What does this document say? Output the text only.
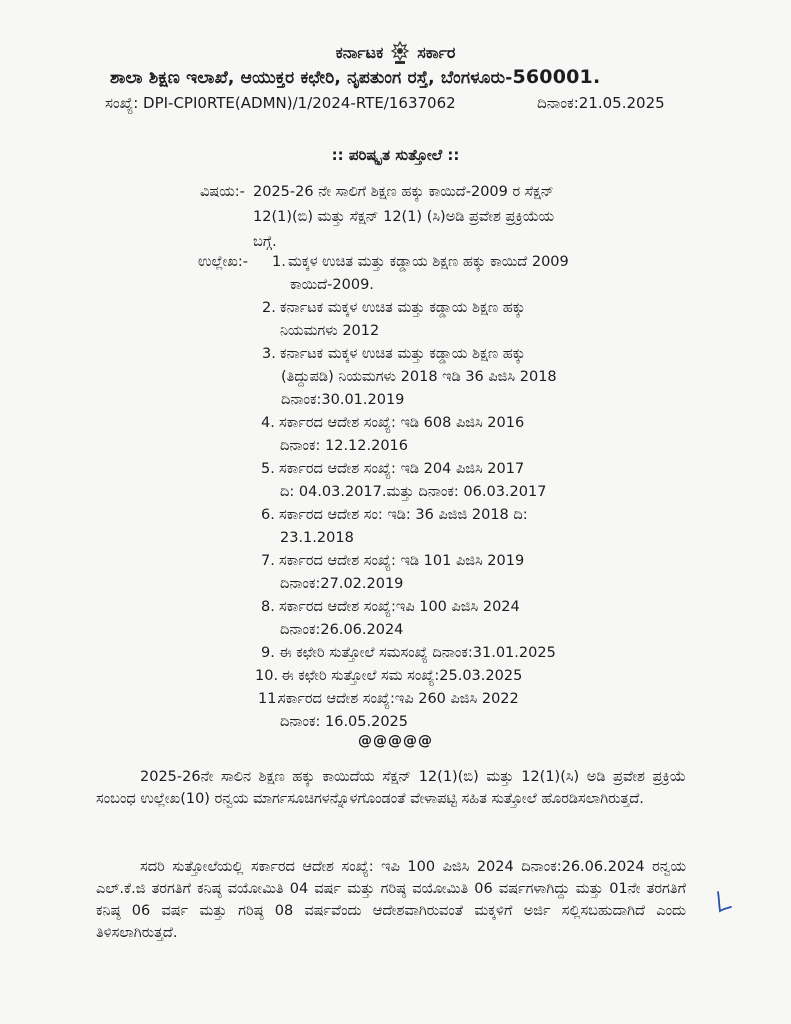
ಕರ್ನಾಟಕ ಸರ್ಕಾರ
ಶಾಲಾ ಶಿಕ್ಷಣ ಇಲಾಖೆ, ಆಯುಕ್ತರ ಕಛೇರಿ, ನೃಪತುಂಗ ರಸ್ತೆ, ಬೆಂಗಳೂರು-560001.
ಸಂಖ್ಯೆ: DPI-CPI0RTE(ADMN)/1/2024-RTE/1637062	ದಿನಾಂಕ:21.05.2025
:: ಪರಿಷ್ಕೃತ ಸುತ್ತೋಲೆ ::
ವಿಷಯ:- 2025-26 ನೇ ಸಾಲಿಗೆ ಶಿಕ್ಷಣ ಹಕ್ಕು ಕಾಯಿದೆ-2009 ರ ಸೆಕ್ಷನ್
12(1)(ಬಿ) ಮತ್ತು ಸೆಕ್ಷನ್ 12(1) (ಸಿ)ಅಡಿ ಪ್ರವೇಶ ಪ್ರಕ್ರಿಯೆಯ
ಬಗ್ಗೆ.
ಉಲ್ಲೇಖ:- 1. ಮಕ್ಕಳ ಉಚಿತ ಮತ್ತು ಕಡ್ಡಾಯ ಶಿಕ್ಷಣ ಹಕ್ಕು ಕಾಯಿದೆ 2009
ಕಾಯಿದೆ-2009.
2. ಕರ್ನಾಟಕ ಮಕ್ಕಳ ಉಚಿತ ಮತ್ತು ಕಡ್ಡಾಯ ಶಿಕ್ಷಣ ಹಕ್ಕು
ನಿಯಮಗಳು 2012
3. ಕರ್ನಾಟಕ ಮಕ್ಕಳ ಉಚಿತ ಮತ್ತು ಕಡ್ಡಾಯ ಶಿಕ್ಷಣ ಹಕ್ಕು
(ತಿದ್ದುಪಡಿ) ನಿಯಮಗಳು 2018 ಇಡಿ 36 ಪಿಜಿಸಿ 2018
ದಿನಾಂಕ:30.01.2019
4. ಸರ್ಕಾರದ ಆದೇಶ ಸಂಖ್ಯೆ: ಇಡಿ 608 ಪಿಜಿಸಿ 2016
ದಿನಾಂಕ: 12.12.2016
5. ಸರ್ಕಾರದ ಆದೇಶ ಸಂಖ್ಯೆ: ಇಡಿ 204 ಪಿಜಿಸಿ 2017
ದಿ: 04.03.2017.ಮತ್ತು ದಿನಾಂಕ: 06.03.2017
6. ಸರ್ಕಾರದ ಆದೇಶ ಸಂ: ಇಡಿ: 36 ಪಿಜಿಜಿ 2018 ದಿ:
23.1.2018
7. ಸರ್ಕಾರದ ಆದೇಶ ಸಂಖ್ಯೆ: ಇಡಿ 101 ಪಿಜಿಸಿ 2019
ದಿನಾಂಕ:27.02.2019
8. ಸರ್ಕಾರದ ಆದೇಶ ಸಂಖ್ಯೆ:ಇಪಿ 100 ಪಿಜಿಸಿ 2024
ದಿನಾಂಕ:26.06.2024
9. ಈ ಕಛೇರಿ ಸುತ್ತೋಲೆ ಸಮಸಂಖ್ಯೆ ದಿನಾಂಕ:31.01.2025
10. ಈ ಕಛೇರಿ ಸುತ್ತೋಲೆ ಸಮ ಸಂಖ್ಯೆ:25.03.2025
11.
ಸರ್ಕಾರದ ಆದೇಶ ಸಂಖ್ಯೆ:ಇಪಿ 260 ಪಿಜಿಸಿ 2022
ದಿನಾಂಕ: 16.05.2025
@@@@@
2025-26ನೇ ಸಾಲಿನ ಶಿಕ್ಷಣ ಹಕ್ಕು ಕಾಯಿದೆಯ ಸೆಕ್ಷನ್ 12(1)(ಬಿ) ಮತ್ತು 12(1)(ಸಿ) ಅಡಿ ಪ್ರವೇಶ ಪ್ರಕ್ರಿಯೆ ಸಂಬಂಧ ಉಲ್ಲೇಖ(10) ರನ್ವಯ ಮಾರ್ಗಸೂಚಿಗಳನ್ನೊಳಗೊಂಡಂತೆ ವೇಳಾಪಟ್ಟಿ ಸಹಿತ ಸುತ್ತೋಲೆ ಹೊರಡಿಸಲಾಗಿರುತ್ತದೆ.
ಸದರಿ ಸುತ್ತೋಲೆಯಲ್ಲಿ ಸರ್ಕಾರದ ಆದೇಶ ಸಂಖ್ಯೆ: ಇಪಿ 100 ಪಿಜಿಸಿ 2024 ದಿನಾಂಕ:26.06.2024 ರನ್ವಯ ಎಲ್.ಕೆ.ಜಿ ತರಗತಿಗೆ ಕನಿಷ್ಠ ವಯೋಮಿತಿ 04 ವರ್ಷ ಮತ್ತು ಗರಿಷ್ಠ ವಯೋಮಿತಿ 06 ವರ್ಷಗಳಾಗಿದ್ದು ಮತ್ತು 01ನೇ ತರಗತಿಗೆ ಕನಿಷ್ಠ 06 ವರ್ಷ ಮತ್ತು ಗರಿಷ್ಠ 08 ವರ್ಷವೆಂದು ಆದೇಶವಾಗಿರುವಂತೆ ಮಕ್ಕಳಿಗೆ ಅರ್ಜಿ ಸಲ್ಲಿಸಬಹುದಾಗಿದೆ ಎಂದು ತಿಳಿಸಲಾಗಿರುತ್ತದೆ.
